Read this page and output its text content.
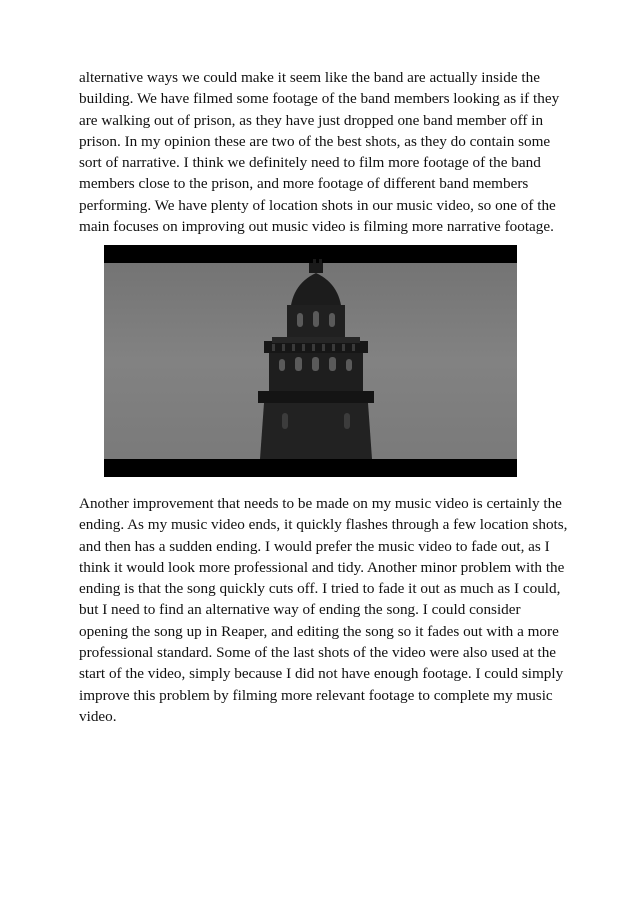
alternative ways we could make it seem like the band are actually inside the
building. We have filmed some footage of the band members looking as if they
are walking out of prison, as they have just dropped one band member off in
prison. In my opinion these are two of the best shots, as they do contain some
sort of narrative. I think we definitely need to film more footage of the band
members close to the prison, and more footage of different band members
performing. We have plenty of location shots in our music video, so one of the
main focuses on improving out music video is filming more narrative footage.

Another improvement that needs to be made on my music video is certainly the
ending. As my music video ends, it quickly flashes through a few location shots,
and then has a sudden ending. I would prefer the music video to fade out, as I
think it would look more professional and tidy. Another minor problem with the
ending is that the song quickly cuts off. I tried to fade it out as much as I could,
but I need to find an alternative way of ending the song. I could consider
opening the song up in Reaper, and editing the song so it fades out with a more
professional standard. Some of the last shots of the video were also used at the
start of the video, simply because I did not have enough footage. I could simply
improve this problem by filming more relevant footage to complete my music
video.
